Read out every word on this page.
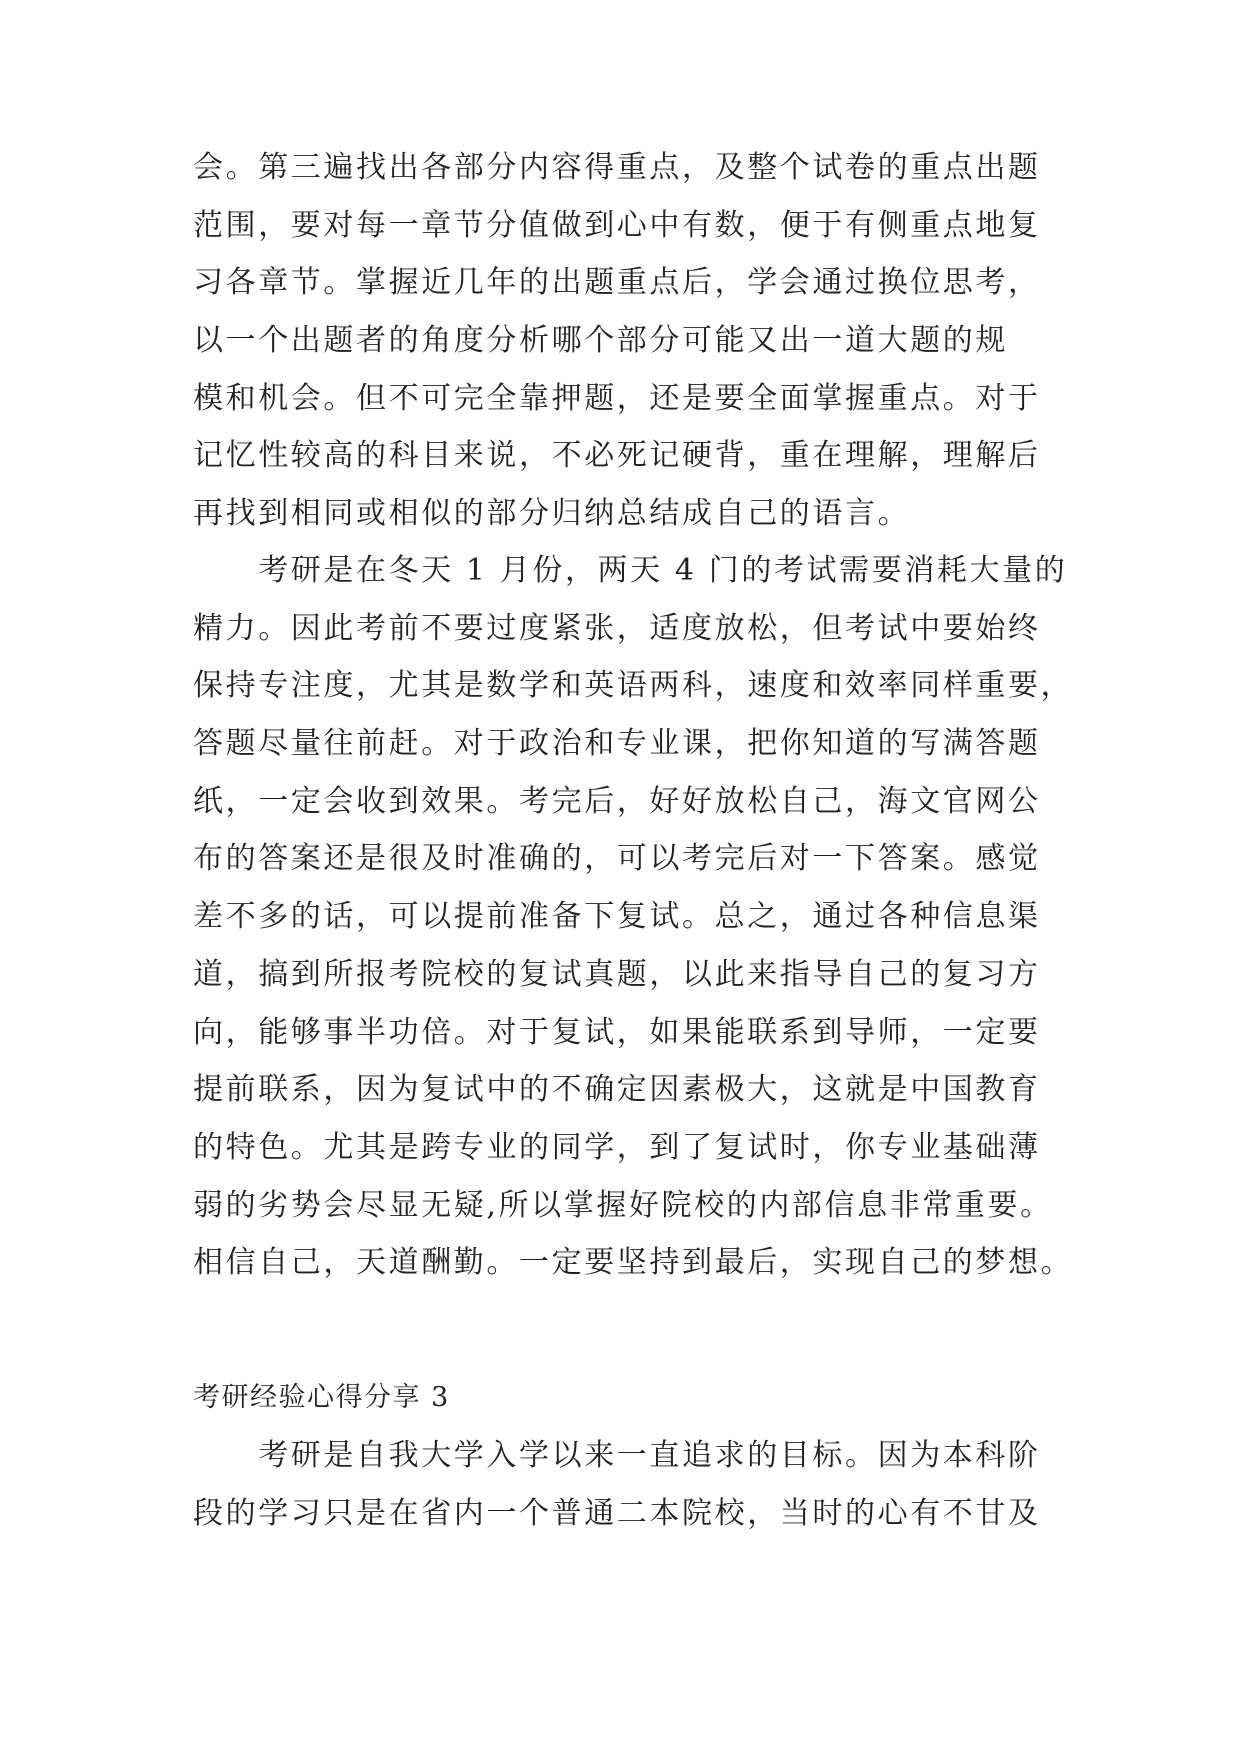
会。第三遍找出各部分内容得重点，及整个试卷的重点出题
范围，要对每一章节分值做到心中有数，便于有侧重点地复
习各章节。掌握近几年的出题重点后，学会通过换位思考，
以一个出题者的角度分析哪个部分可能又出一道大题的规
模和机会。但不可完全靠押题，还是要全面掌握重点。对于
记忆性较高的科目来说，不必死记硬背，重在理解，理解后
再找到相同或相似的部分归纳总结成自己的语言。
　　考研是在冬天 1 月份，两天 4 门的考试需要消耗大量的
精力。因此考前不要过度紧张，适度放松，但考试中要始终
保持专注度，尤其是数学和英语两科，速度和效率同样重要，
答题尽量往前赶。对于政治和专业课，把你知道的写满答题
纸，一定会收到效果。考完后，好好放松自己，海文官网公
布的答案还是很及时准确的，可以考完后对一下答案。感觉
差不多的话，可以提前准备下复试。总之，通过各种信息渠
道，搞到所报考院校的复试真题，以此来指导自己的复习方
向，能够事半功倍。对于复试，如果能联系到导师，一定要
提前联系，因为复试中的不确定因素极大，这就是中国教育
的特色。尤其是跨专业的同学，到了复试时，你专业基础薄
弱的劣势会尽显无疑,所以掌握好院校的内部信息非常重要。
相信自己，天道酬勤。一定要坚持到最后，实现自己的梦想。
考研经验心得分享 3
　　考研是自我大学入学以来一直追求的目标。因为本科阶
段的学习只是在省内一个普通二本院校，当时的心有不甘及
